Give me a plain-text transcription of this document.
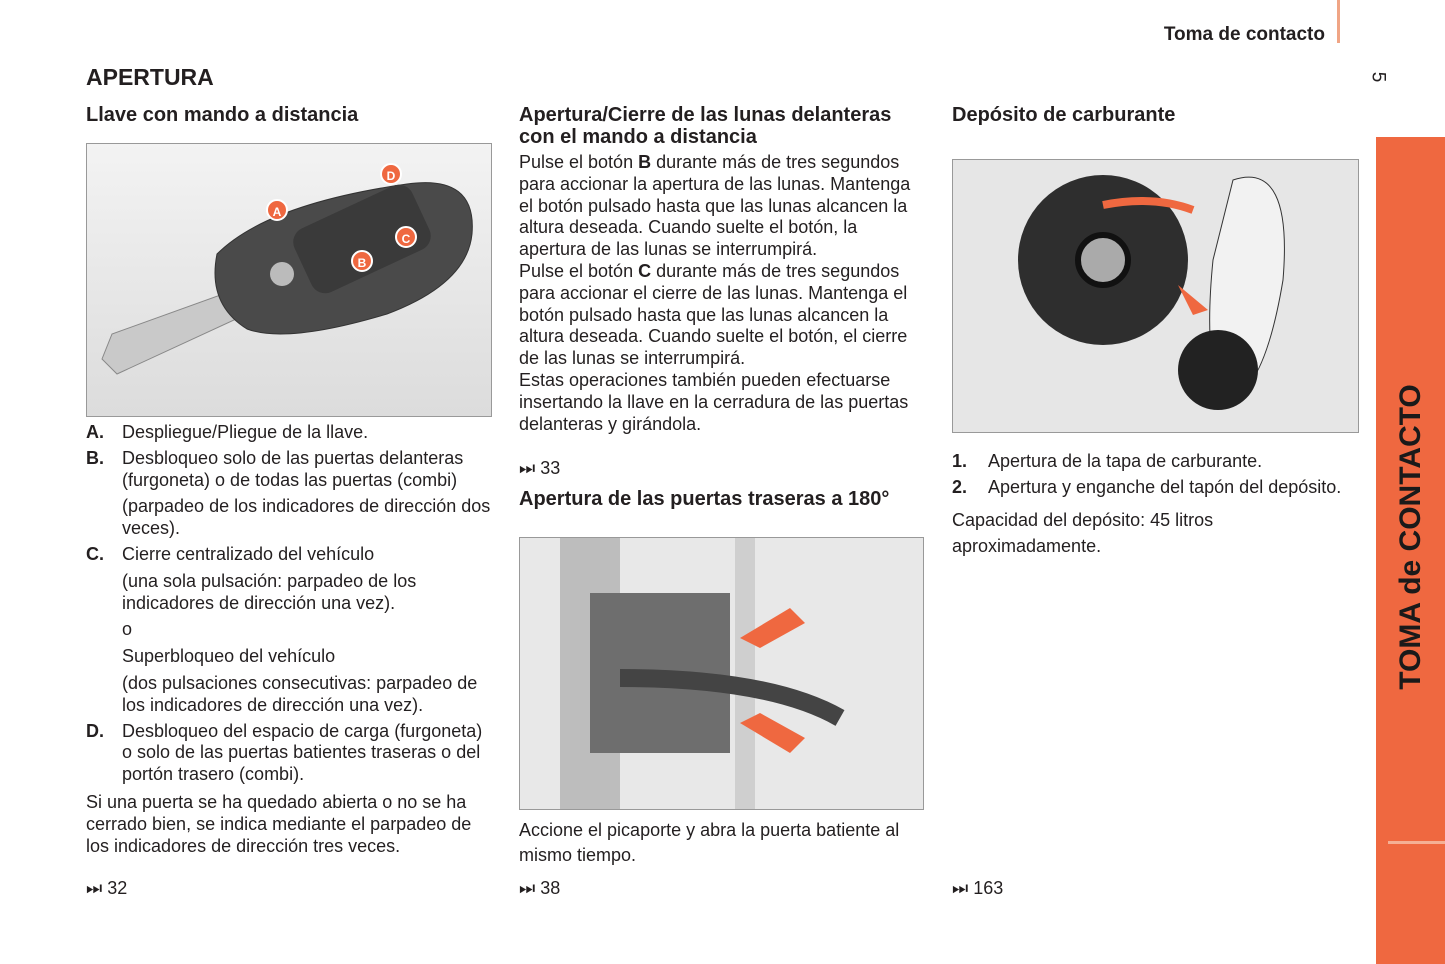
Toma de contacto
5
TOMA de CONTACTO
APERTURA
Llave con mando a distancia
A
B
C
D
A.	Despliegue/Pliegue de la llave.
B.	Desbloqueo solo de las puertas delanteras (furgoneta) o de todas las puertas (combi)

(parpadeo de los indicadores de dirección dos veces).

C.	Cierre centralizado del vehículo

(una sola pulsación: parpadeo de los indicadores de dirección una vez).

o

Superbloqueo del vehículo

(dos pulsaciones consecutivas: parpadeo de los indicadores de dirección una vez).

D.	Desbloqueo del espacio de carga (furgoneta) o solo de las puertas batientes traseras o del portón trasero (combi).

Si una puerta se ha quedado abierta o no se ha cerrado bien, se indica mediante el parpadeo de los indicadores de dirección tres veces.

⏭ 32
Apertura/Cierre de las lunas delanteras con el mando a distancia

Pulse el botón B durante más de tres segundos para accionar la apertura de las lunas. Mantenga el botón pulsado hasta que las lunas alcancen la altura deseada. Cuando suelte el botón, la apertura de las lunas se interrumpirá.

Pulse el botón C durante más de tres segundos para accionar el cierre de las lunas. Mantenga el botón pulsado hasta que las lunas alcancen la altura deseada. Cuando suelte el botón, el cierre de las lunas se interrumpirá.

Estas operaciones también pueden efectuarse insertando la llave en la cerradura de las puertas delanteras y girándola.

⏭ 33
Apertura de las puertas traseras a 180°

Accione el picaporte y abra la puerta batiente al mismo tiempo.

⏭ 38
Depósito de carburante
1.	Apertura de la tapa de carburante.
2.	Apertura y enganche del tapón del depósito.

Capacidad del depósito: 45 litros aproximadamente.

⏭ 163
